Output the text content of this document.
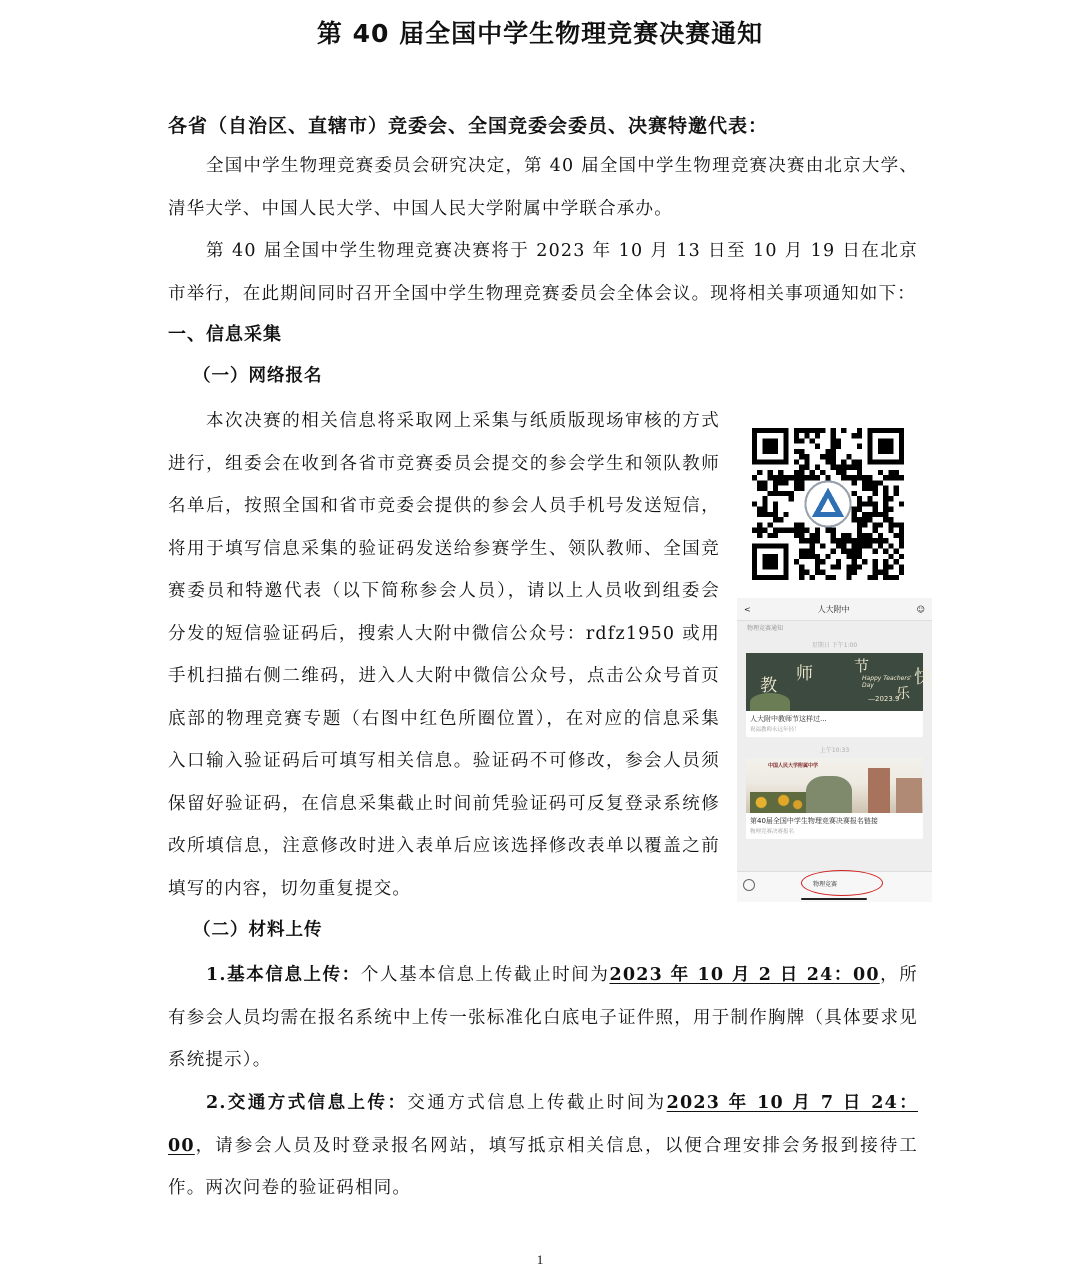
第 40 届全国中学生物理竞赛决赛通知
各省（自治区、直辖市）竞委会、全国竞委会委员、决赛特邀代表：

全国中学生物理竞赛委员会研究决定，第 40 届全国中学生物理竞赛决赛由北京大学、清华大学、中国人民大学、中国人民大学附属中学联合承办。

第 40 届全国中学生物理竞赛决赛将于 2023 年 10 月 13 日至 10 月 19 日在北京市举行，在此期间同时召开全国中学生物理竞赛委员会全体会议。现将相关事项通知如下：

一、信息采集
（一）网络报名

本次决赛的相关信息将采取网上采集与纸质版现场审核的方式进行，组委会在收到各省市竞赛委员会提交的参会学生和领队教师名单后，按照全国和省市竞委会提供的参会人员手机号发送短信，将用于填写信息采集的验证码发送给参赛学生、领队教师、全国竞赛委员和特邀代表（以下简称参会人员），请以上人员收到组委会分发的短信验证码后，搜索人大附中微信公众号：rdfz1950 或用手机扫描右侧二维码，进入人大附中微信公众号，点击公众号首页底部的物理竞赛专题（右图中红色所圈位置），在对应的信息采集入口输入验证码后可填写相关信息。验证码不可修改，参会人员须保留好验证码，在信息采集截止时间前凭验证码可反复登录系统修改所填信息，注意修改时进入表单后应该选择修改表单以覆盖之前填写的内容，切勿重复提交。

<	人大附中	☺
物理竞赛通知
星期日 下午1:00
教
师	节
快
乐
Happy Teachers' Day
—2023.9
人大附中教师节这样过...
祝福教师永远年轻！
上午10:33
中国人民大学附属中学
第40届全国中学生物理竞赛决赛报名链接
物理竞赛决赛报名
物理竞赛
（二）材料上传

1.基本信息上传：个人基本信息上传截止时间为2023 年 10 月 2 日 24：00，所有参会人员均需在报名系统中上传一张标准化白底电子证件照，用于制作胸牌（具体要求见系统提示）。

2.交通方式信息上传：交通方式信息上传截止时间为2023 年 10 月 7 日 24：00，请参会人员及时登录报名网站，填写抵京相关信息，以便合理安排会务报到接待工作。两次问卷的验证码相同。

1
